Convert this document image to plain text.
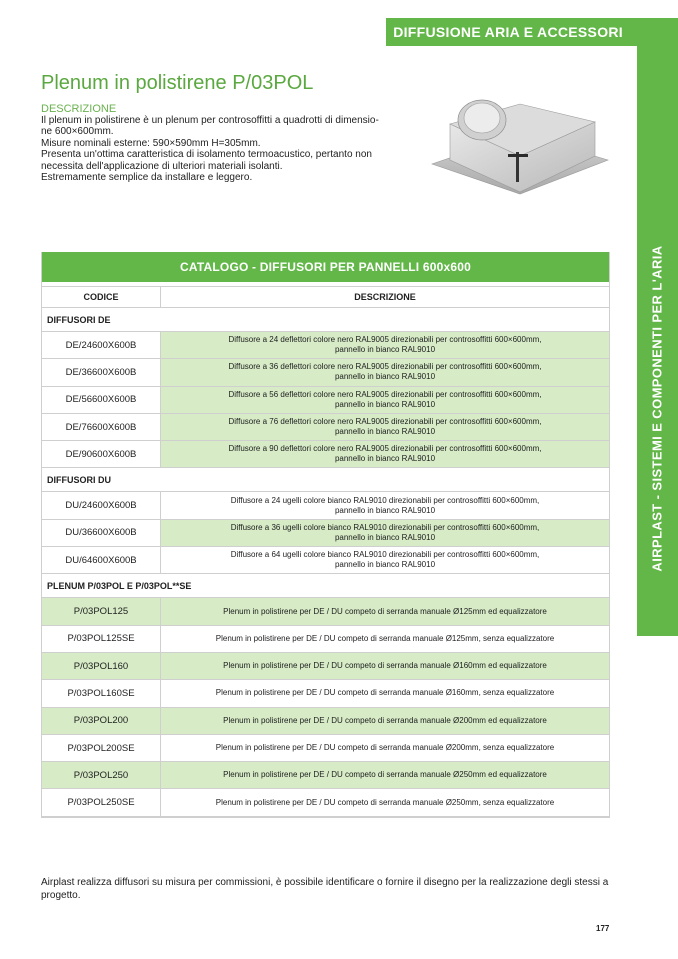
DIFFUSIONE ARIA E ACCESSORI
AIRPLAST - SISTEMI E COMPONENTI PER L'ARIA
Plenum in polistirene P/03POL
DESCRIZIONE
Il plenum in polistirene è un plenum per controsoffitti a quadrotti di dimensio-
ne 600×600mm.
Misure nominali esterne: 590×590mm H=305mm.
Presenta un'ottima caratteristica di isolamento termoacustico, pertanto non
necessita dell'applicazione di ulteriori materiali isolanti.
Estremamente semplice da installare e leggero.
CATALOGO - DIFFUSORI PER PANNELLI 600x600
CODICE	DESCRIZIONE
DIFFUSORI DE
DE/24600X600B	Diffusore a 24 deflettori colore nero RAL9005 direzionabili per controsoffitti 600×600mm,
pannello in bianco RAL9010
DE/36600X600B	Diffusore a 36 deflettori colore nero RAL9005 direzionabili per controsoffitti 600×600mm,
pannello in bianco RAL9010
DE/56600X600B	Diffusore a 56 deflettori colore nero RAL9005 direzionabili per controsoffitti 600×600mm,
pannello in bianco RAL9010
DE/76600X600B	Diffusore a 76 deflettori colore nero RAL9005 direzionabili per controsoffitti 600×600mm,
pannello in bianco RAL9010
DE/90600X600B	Diffusore a 90 deflettori colore nero RAL9005 direzionabili per controsoffitti 600×600mm,
pannello in bianco RAL9010
DIFFUSORI DU
DU/24600X600B	Diffusore a 24 ugelli colore bianco RAL9010 direzionabili per controsoffitti 600×600mm,
pannello in bianco RAL9010
DU/36600X600B	Diffusore a 36 ugelli colore bianco RAL9010 direzionabili per controsoffitti 600×600mm,
pannello in bianco RAL9010
DU/64600X600B	Diffusore a 64 ugelli colore bianco RAL9010 direzionabili per controsoffitti 600×600mm,
pannello in bianco RAL9010
PLENUM P/03POL E P/03POL**SE
P/03POL125	Plenum in polistirene per DE / DU competo di serranda manuale Ø125mm ed equalizzatore
P/03POL125SE	Plenum in polistirene per DE / DU competo di serranda manuale Ø125mm, senza equalizzatore
P/03POL160	Plenum in polistirene per DE / DU competo di serranda manuale Ø160mm ed equalizzatore
P/03POL160SE	Plenum in polistirene per DE / DU competo di serranda manuale Ø160mm, senza equalizzatore
P/03POL200	Plenum in polistirene per DE / DU competo di serranda manuale Ø200mm ed equalizzatore
P/03POL200SE	Plenum in polistirene per DE / DU competo di serranda manuale Ø200mm, senza equalizzatore
P/03POL250	Plenum in polistirene per DE / DU competo di serranda manuale Ø250mm ed equalizzatore
P/03POL250SE	Plenum in polistirene per DE / DU competo di serranda manuale Ø250mm, senza equalizzatore
Airplast realizza diffusori su misura per commissioni, è possibile identificare o fornire il disegno per la realizzazione degli stessi a progetto.
177
